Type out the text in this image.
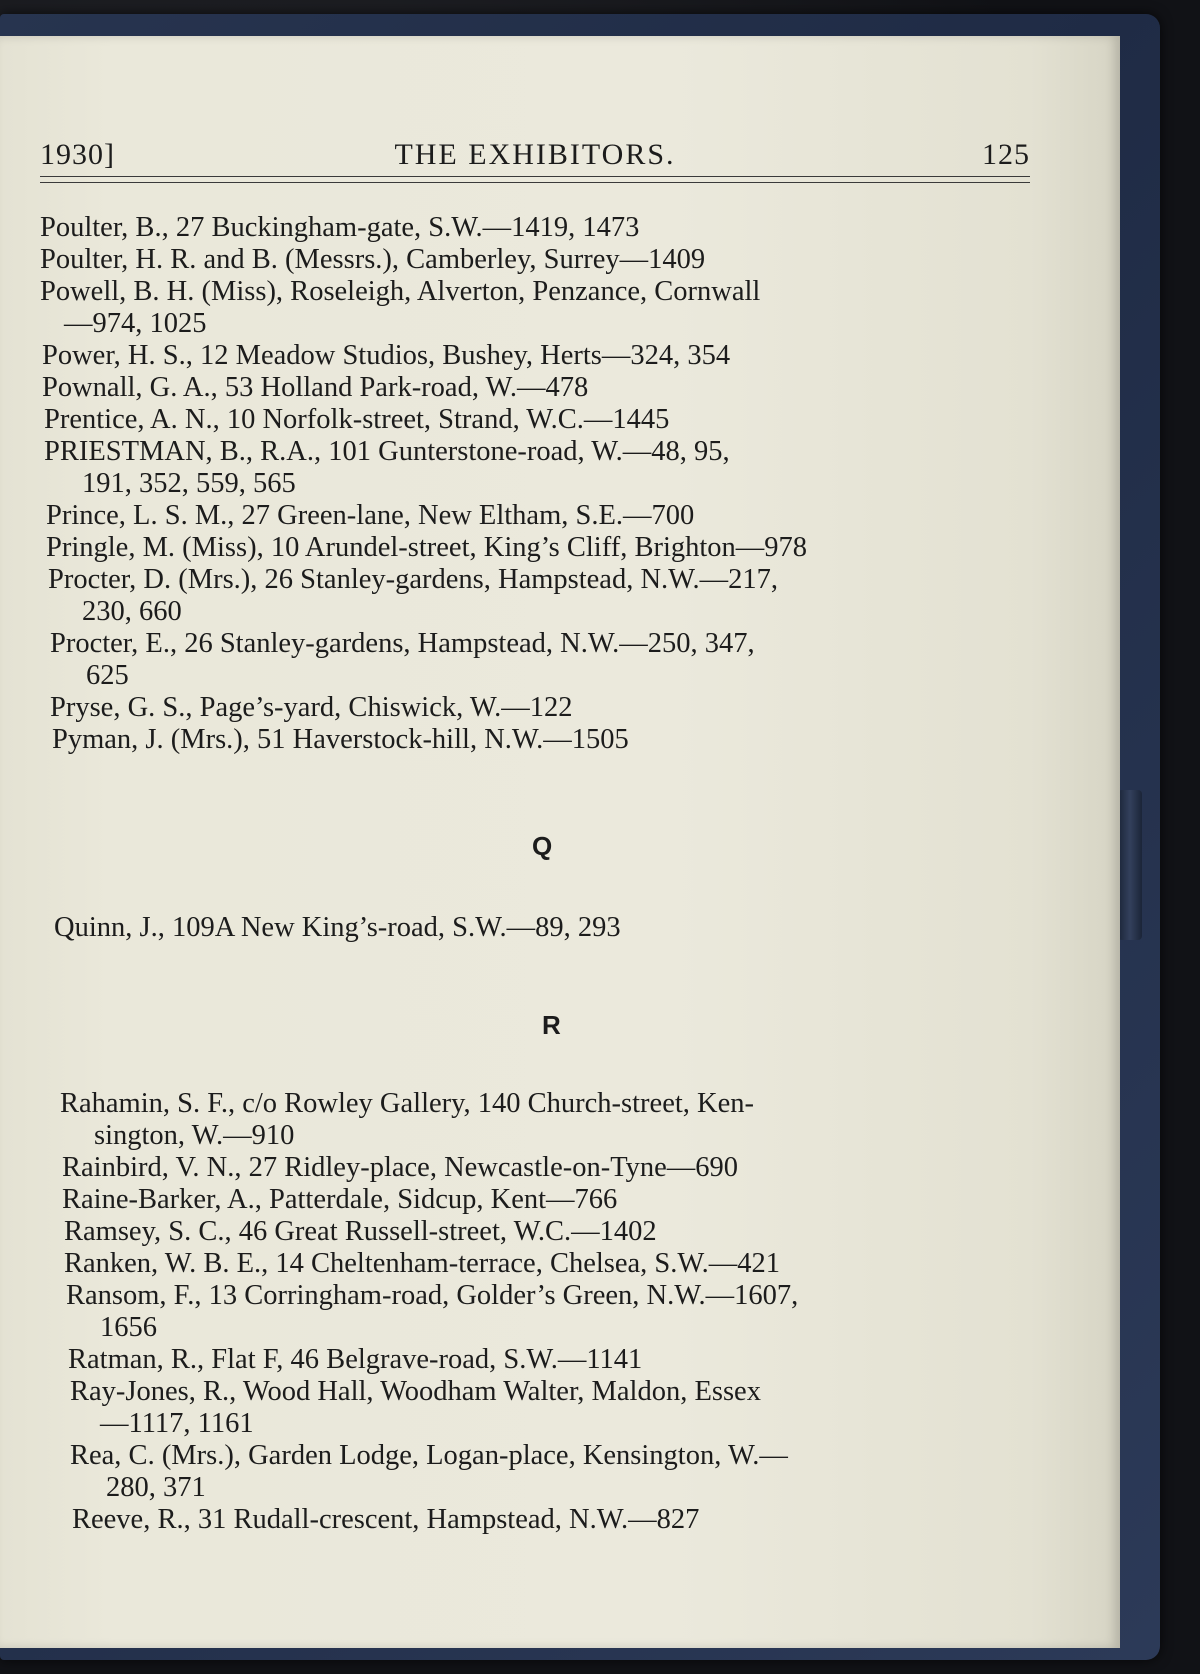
1930]	THE EXHIBITORS.	125
Poulter, B., 27 Buckingham-gate, S.W.—1419, 1473
Poulter, H. R. and B. (Messrs.), Camberley, Surrey—1409
Powell, B. H. (Miss), Roseleigh, Alverton, Penzance, Cornwall
—974, 1025
Power, H. S., 12 Meadow Studios, Bushey, Herts—324, 354
Pownall, G. A., 53 Holland Park-road, W.—478
Prentice, A. N., 10 Norfolk-street, Strand, W.C.—1445
PRIESTMAN, B., R.A., 101 Gunterstone-road, W.—48, 95,
191, 352, 559, 565
Prince, L. S. M., 27 Green-lane, New Eltham, S.E.—700
Pringle, M. (Miss), 10 Arundel-street, King’s Cliff, Brighton—978
Procter, D. (Mrs.), 26 Stanley-gardens, Hampstead, N.W.—217,
230, 660
Procter, E., 26 Stanley-gardens, Hampstead, N.W.—250, 347,
625
Pryse, G. S., Page’s-yard, Chiswick, W.—122
Pyman, J. (Mrs.), 51 Haverstock-hill, N.W.—1505
Q
Quinn, J., 109A New King’s-road, S.W.—89, 293
R
Rahamin, S. F., c/o Rowley Gallery, 140 Church-street, Ken-
sington, W.—910
Rainbird, V. N., 27 Ridley-place, Newcastle-on-Tyne—690
Raine-Barker, A., Patterdale, Sidcup, Kent—766
Ramsey, S. C., 46 Great Russell-street, W.C.—1402
Ranken, W. B. E., 14 Cheltenham-terrace, Chelsea, S.W.—421
Ransom, F., 13 Corringham-road, Golder’s Green, N.W.—1607,
1656
Ratman, R., Flat F, 46 Belgrave-road, S.W.—1141
Ray-Jones, R., Wood Hall, Woodham Walter, Maldon, Essex
—1117, 1161
Rea, C. (Mrs.), Garden Lodge, Logan-place, Kensington, W.—
280, 371
Reeve, R., 31 Rudall-crescent, Hampstead, N.W.—827
